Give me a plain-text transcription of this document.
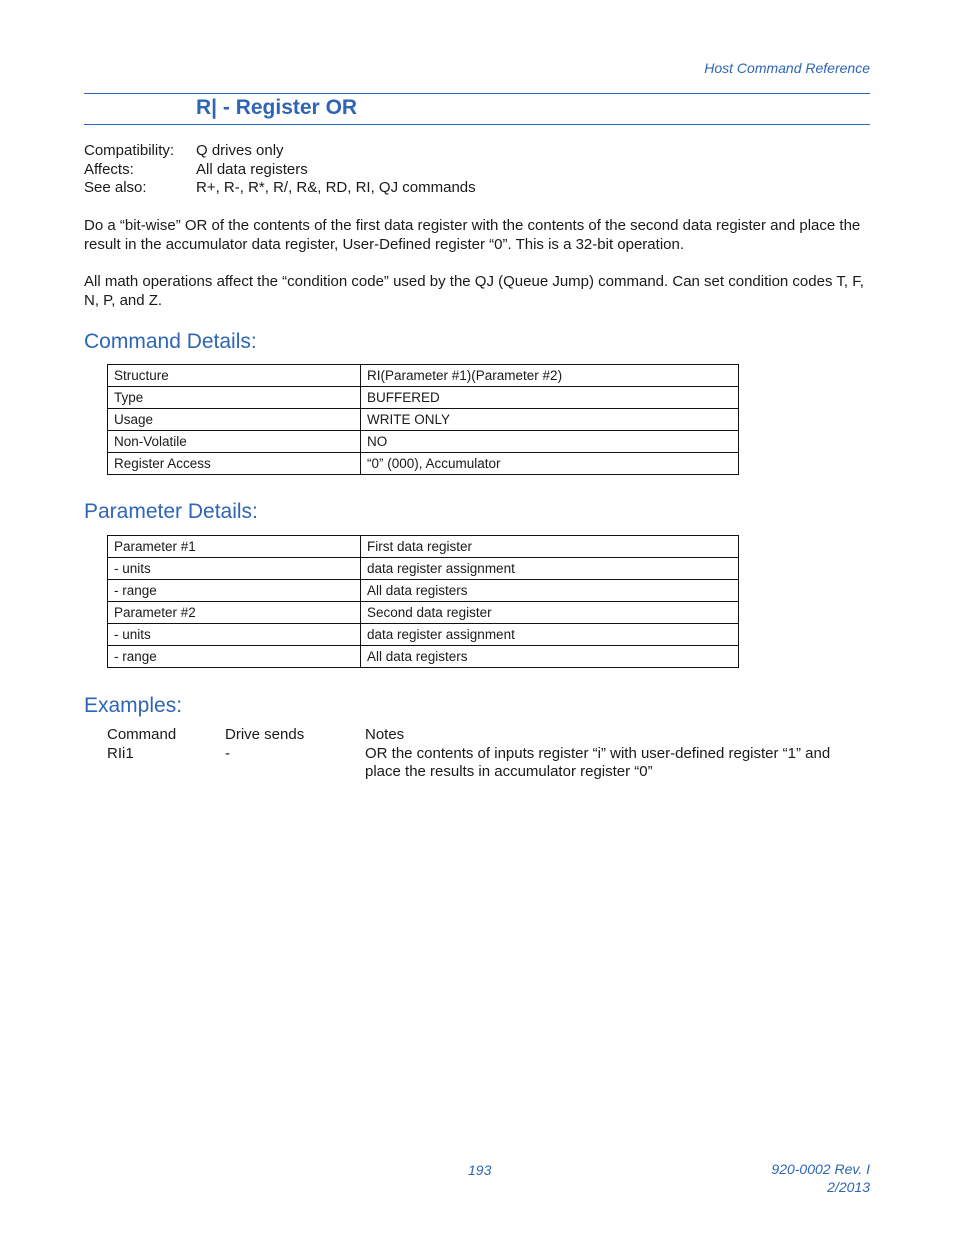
Host Command Reference
R| - Register OR
Compatibility:	Q drives only
Affects:	All data registers
See also:	R+, R-, R*, R/, R&, RD, RI, QJ commands

Do a “bit-wise” OR of the contents of the first data register with the contents of the second data register and place the result in the accumulator data register, User-Defined register “0”. This is a 32-bit operation.

All math operations affect the “condition code” used by the QJ (Queue Jump) command. Can set condition codes T, F, N, P, and Z.

Command Details:
Structure	RI(Parameter #1)(Parameter #2)
Type	BUFFERED
Usage	WRITE ONLY
Non-Volatile	NO
Register Access	“0” (000), Accumulator
Parameter Details:
Parameter #1	First data register
- units	data register assignment
- range	All data registers
Parameter #2	Second data register
- units	data register assignment
- range	All data registers
Examples:
Command	Drive sends	Notes
RIi1	-	OR the contents of inputs register “i” with user-defined register “1” and place the results in accumulator register “0”
193	920-0002 Rev. I
2/2013
